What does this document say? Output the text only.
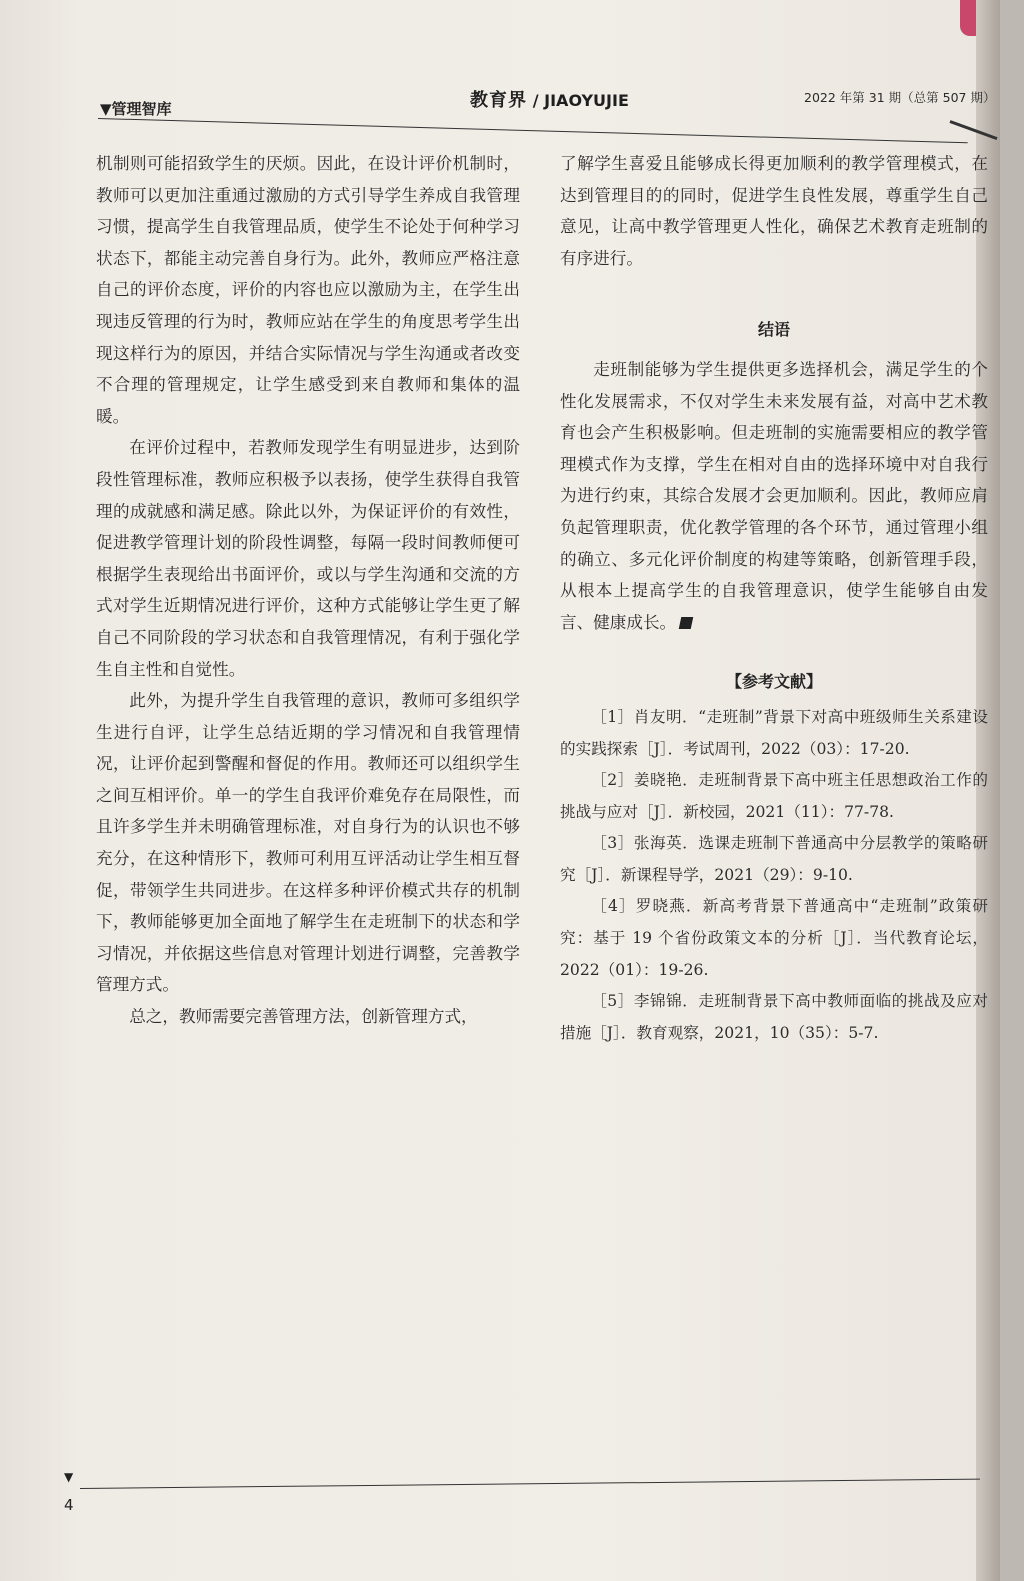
▼管理智库	教育界 / JIAOYUJIE	2022 年第 31 期（总第 507 期）

机制则可能招致学生的厌烦。因此，在设计评价机制时，教师可以更加注重通过激励的方式引导学生养成自我管理习惯，提高学生自我管理品质，使学生不论处于何种学习状态下，都能主动完善自身行为。此外，教师应严格注意自己的评价态度，评价的内容也应以激励为主，在学生出现违反管理的行为时，教师应站在学生的角度思考学生出现这样行为的原因，并结合实际情况与学生沟通或者改变不合理的管理规定，让学生感受到来自教师和集体的温暖。

在评价过程中，若教师发现学生有明显进步，达到阶段性管理标准，教师应积极予以表扬，使学生获得自我管理的成就感和满足感。除此以外，为保证评价的有效性，促进教学管理计划的阶段性调整，每隔一段时间教师便可根据学生表现给出书面评价，或以与学生沟通和交流的方式对学生近期情况进行评价，这种方式能够让学生更了解自己不同阶段的学习状态和自我管理情况，有利于强化学生自主性和自觉性。

此外，为提升学生自我管理的意识，教师可多组织学生进行自评，让学生总结近期的学习情况和自我管理情况，让评价起到警醒和督促的作用。教师还可以组织学生之间互相评价。单一的学生自我评价难免存在局限性，而且许多学生并未明确管理标准，对自身行为的认识也不够充分，在这种情形下，教师可利用互评活动让学生相互督促，带领学生共同进步。在这样多种评价模式共存的机制下，教师能够更加全面地了解学生在走班制下的状态和学习情况，并依据这些信息对管理计划进行调整，完善教学管理方式。

总之，教师需要完善管理方法，创新管理方式，

了解学生喜爱且能够成长得更加顺利的教学管理模式，在达到管理目的的同时，促进学生良性发展，尊重学生自己意见，让高中教学管理更人性化，确保艺术教育走班制的有序进行。

结语

走班制能够为学生提供更多选择机会，满足学生的个性化发展需求，不仅对学生未来发展有益，对高中艺术教育也会产生积极影响。但走班制的实施需要相应的教学管理模式作为支撑，学生在相对自由的选择环境中对自我行为进行约束，其综合发展才会更加顺利。因此，教师应肩负起管理职责，优化教学管理的各个环节，通过管理小组的确立、多元化评价制度的构建等策略，创新管理手段，从根本上提高学生的自我管理意识，使学生能够自由发言、健康成长。

【参考文献】

［1］肖友明．“走班制”背景下对高中班级师生关系建设的实践探索［J］．考试周刊，2022（03）：17-20.

［2］姜晓艳．走班制背景下高中班主任思想政治工作的挑战与应对［J］．新校园，2021（11）：77-78.

［3］张海英．选课走班制下普通高中分层教学的策略研究［J］．新课程导学，2021（29）：9-10.

［4］罗晓燕．新高考背景下普通高中“走班制”政策研究：基于 19 个省份政策文本的分析［J］．当代教育论坛，2022（01）：19-26.

［5］李锦锦．走班制背景下高中教师面临的挑战及应对措施［J］．教育观察，2021，10（35）：5-7.

▼
4
